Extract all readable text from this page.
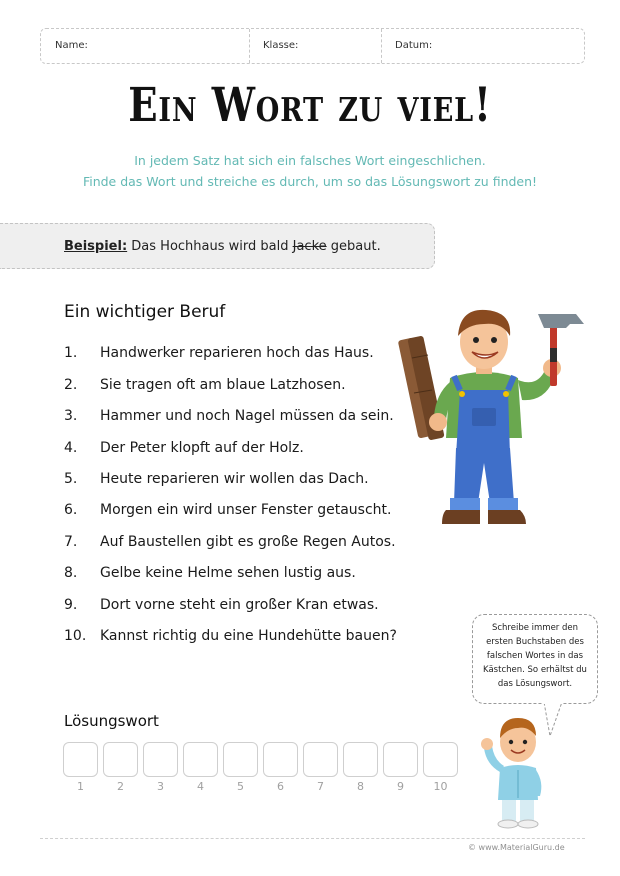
Name:	Klasse:	Datum:
Ein Wort zu viel!
In jedem Satz hat sich ein falsches Wort eingeschlichen.
Finde das Wort und streiche es durch, um so das Lösungswort zu finden!
Beispiel: Das Hochhaus wird bald Jacke gebaut.
Ein wichtiger Beruf
1. Handwerker reparieren hoch das Haus.
2. Sie tragen oft am blaue Latzhosen.
3. Hammer und noch Nagel müssen da sein.
4. Der Peter klopft auf der Holz.
5. Heute reparieren wir wollen das Dach.
6. Morgen ein wird unser Fenster getauscht.
7. Auf Baustellen gibt es große Regen Autos.
8. Gelbe keine Helme sehen lustig aus.
9. Dort vorne steht ein großer Kran etwas.
10. Kannst richtig du eine Hundehütte bauen?
Lösungswort
1	2	3	4	5	6	7	8	9	10
Schreibe immer den ersten Buchstaben des falschen Wortes in das Kästchen. So erhältst du das Lösungswort.
© www.MaterialGuru.de
